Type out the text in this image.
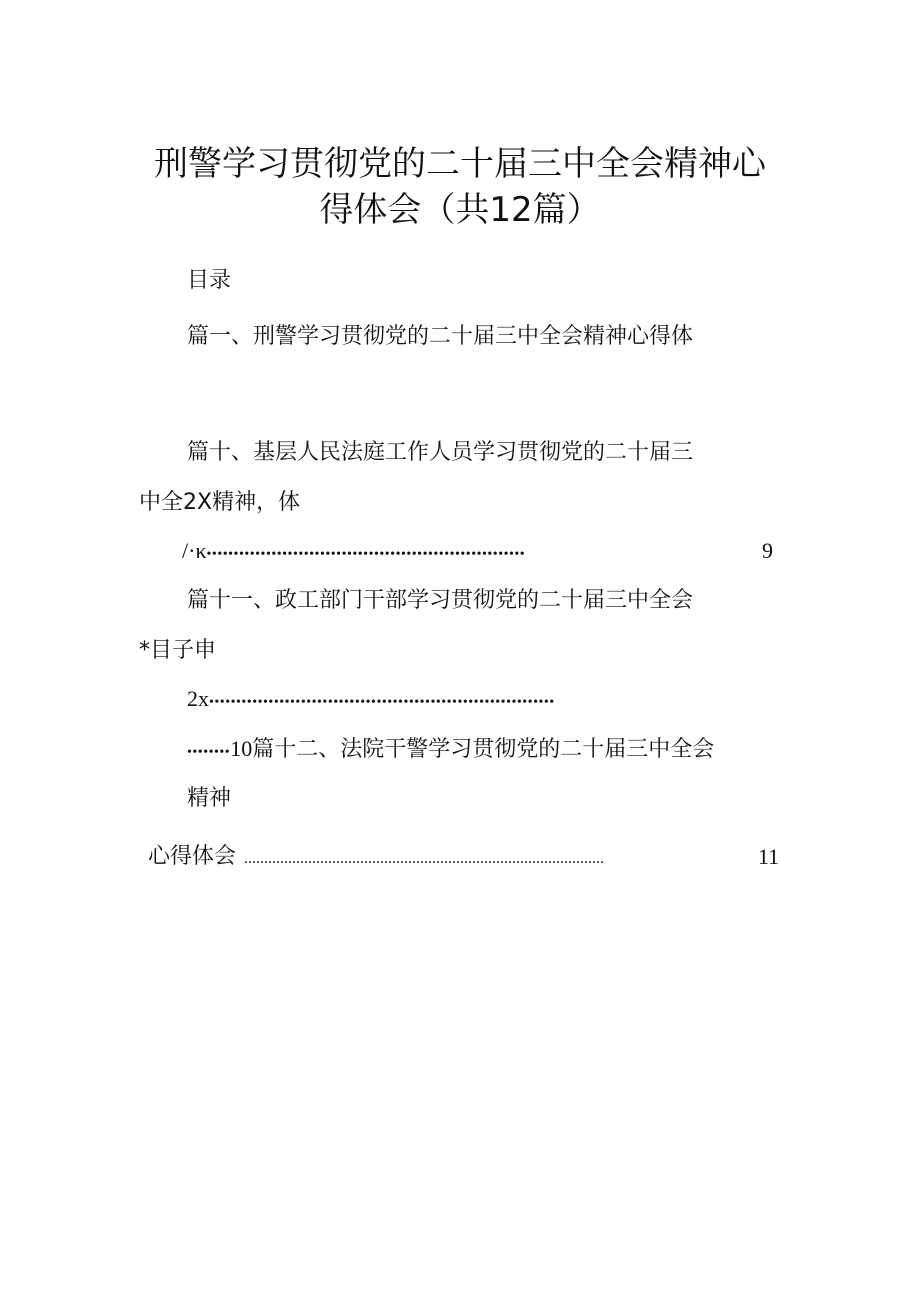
刑警学习贯彻党的二十届三中全会精神心
得体会（共12篇）
目录
篇一、刑警学习贯彻党的二十届三中全会精神心得体
篇十、基层人民法庭工作人员学习贯彻党的二十届三
中全2X精神，体
/·κ•••••••••••••••••••••••••••••••••••••••••••••••••••••••••••	9
篇十一、政工部门干部学习贯彻党的二十届三中全会
*目子申
2x••••••••••••••••••••••••••••••••••••••••••••••••••••••••••••••••
••••••••10篇十二、法院干警学习贯彻党的二十届三中全会
精神
心得体会 ..........................................................................................	11
